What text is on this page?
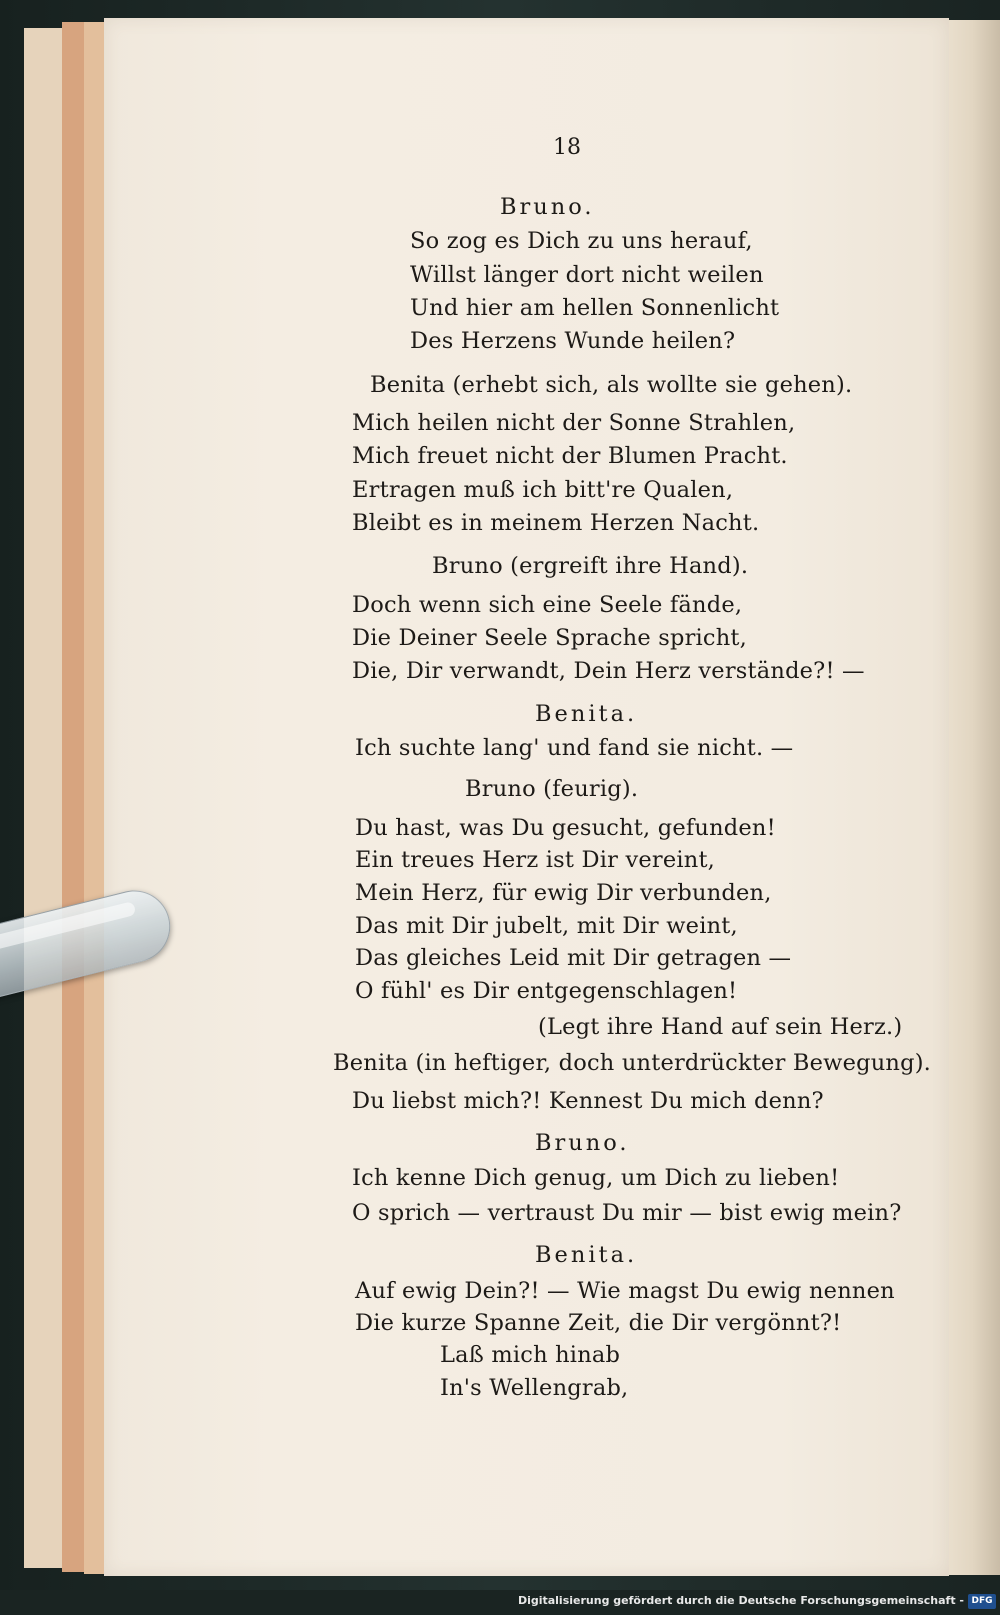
18
Bruno.
So zog es Dich zu uns herauf,
Willst länger dort nicht weilen
Und hier am hellen Sonnenlicht
Des Herzens Wunde heilen?
Benita (erhebt sich, als wollte sie gehen).
Mich heilen nicht der Sonne Strahlen,
Mich freuet nicht der Blumen Pracht.
Ertragen muß ich bitt're Qualen,
Bleibt es in meinem Herzen Nacht.
Bruno (ergreift ihre Hand).
Doch wenn sich eine Seele fände,
Die Deiner Seele Sprache spricht,
Die, Dir verwandt, Dein Herz verstände?! —
Benita.
Ich suchte lang' und fand sie nicht. —
Bruno (feurig).
Du hast, was Du gesucht, gefunden!
Ein treues Herz ist Dir vereint,
Mein Herz, für ewig Dir verbunden,
Das mit Dir jubelt, mit Dir weint,
Das gleiches Leid mit Dir getragen —
O fühl' es Dir entgegenschlagen!
(Legt ihre Hand auf sein Herz.)
Benita (in heftiger, doch unterdrückter Bewegung).
Du liebst mich?! Kennest Du mich denn?
Bruno.
Ich kenne Dich genug, um Dich zu lieben!
O sprich — vertraust Du mir — bist ewig mein?
Benita.
Auf ewig Dein?! — Wie magst Du ewig nennen
Die kurze Spanne Zeit, die Dir vergönnt?!
Laß mich hinab
In's Wellengrab,
Digitalisierung gefördert durch die Deutsche Forschungsgemeinschaft - DFG
